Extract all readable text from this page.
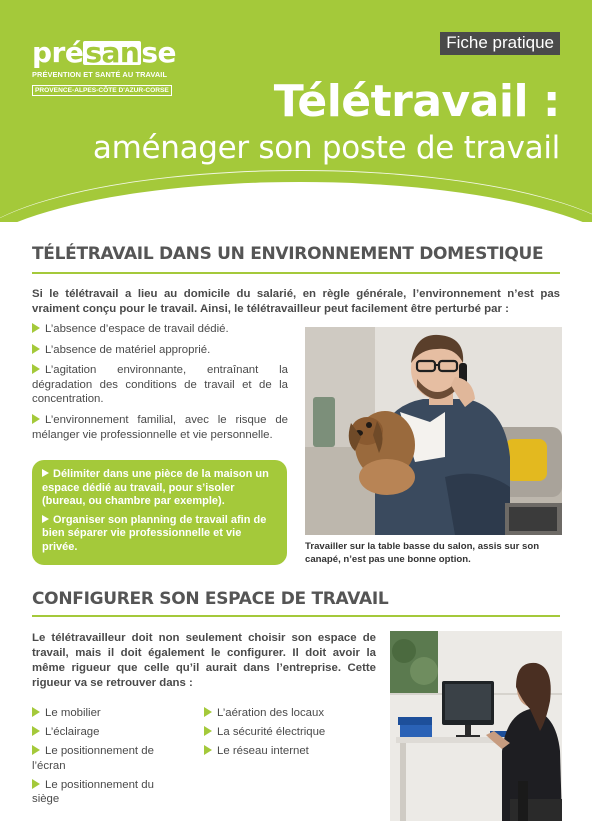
présanse
PRÉVENTION ET SANTÉ AU TRAVAIL
PROVENCE-ALPES-CÔTE D'AZUR-CORSE
Fiche pratique
Télétravail :
aménager son poste de travail
TÉLÉTRAVAIL DANS UN ENVIRONNEMENT DOMESTIQUE
Si le télétravail a lieu au domicile du salarié, en règle générale, l’environnement n’est pas vraiment conçu pour le travail. Ainsi, le télétravailleur peut facilement être perturbé par :
L’absence d’espace de travail dédié.
L’absence de matériel approprié.
L’agitation environnante, entraînant la dégradation des conditions de travail et de la concentration.
L’environnement familial, avec le risque de mélanger vie professionnelle et vie personnelle.

Délimiter dans une pièce de la maison un espace dédié au travail, pour s’isoler (bureau, ou chambre par exemple).

Organiser son planning de travail afin de bien séparer vie professionnelle et vie privée.	Travailler sur la table basse du salon, assis sur son canapé, n’est pas une bonne option.
CONFIGURER SON ESPACE DE TRAVAIL
Le télétravailleur doit non seulement choisir son espace de travail, mais il doit également le configurer. Il doit avoir la même rigueur que celle qu’il aurait dans l’entreprise. Cette rigueur va se retrouver dans :
Le mobilier
L’éclairage
Le positionnement de l’écran
Le positionnement du siège
L’aération des locaux
La sécurité électrique
Le réseau internet
